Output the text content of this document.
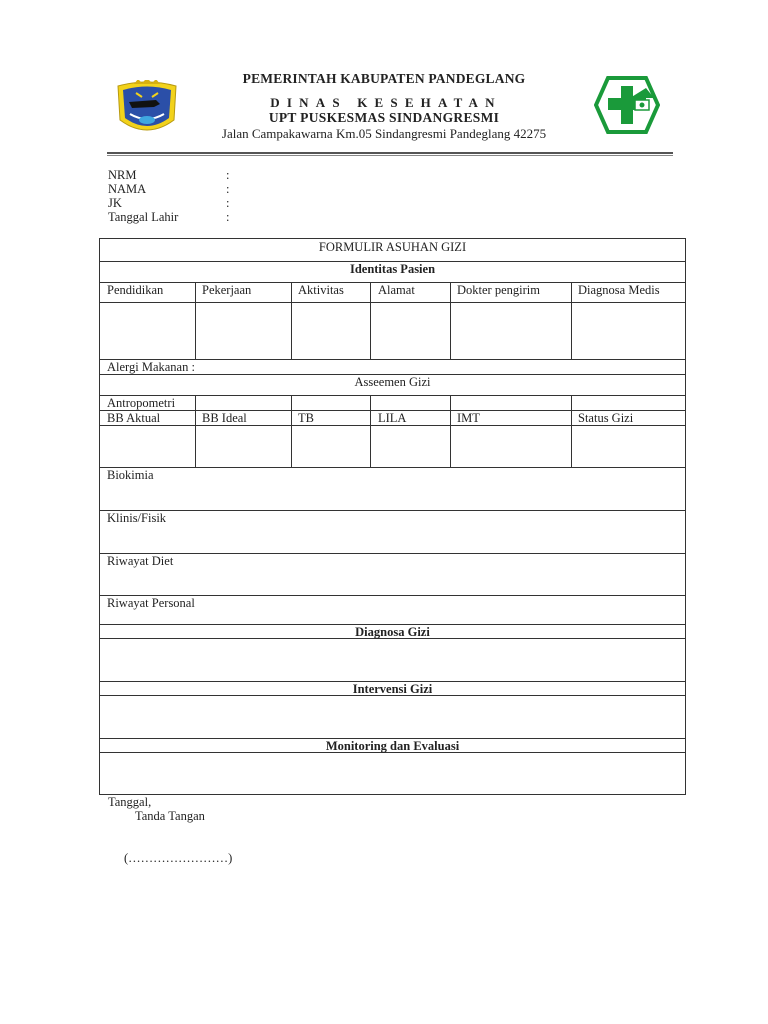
PEMERINTAH KABUPATEN PANDEGLANG
DINAS KESEHATAN
UPT PUSKESMAS SINDANGRESMI
Jalan Campakawarna Km.05 Sindangresmi Pandeglang 42275
NRM	:
NAMA	:
JK	:
Tanggal Lahir	:
FORMULIR ASUHAN GIZI
Identitas Pasien
Pendidikan	Pekerjaan	Aktivitas	Alamat	Dokter pengirim	Diagnosa Medis
Alergi Makanan :
Asseemen Gizi
Antropometri
BB Aktual	BB Ideal	TB	LILA	IMT	Status Gizi
Biokimia
Klinis/Fisik
Riwayat Diet
Riwayat Personal
Diagnosa Gizi
Intervensi Gizi
Monitoring dan Evaluasi
Tanggal,
Tanda Tangan
(……………………)
